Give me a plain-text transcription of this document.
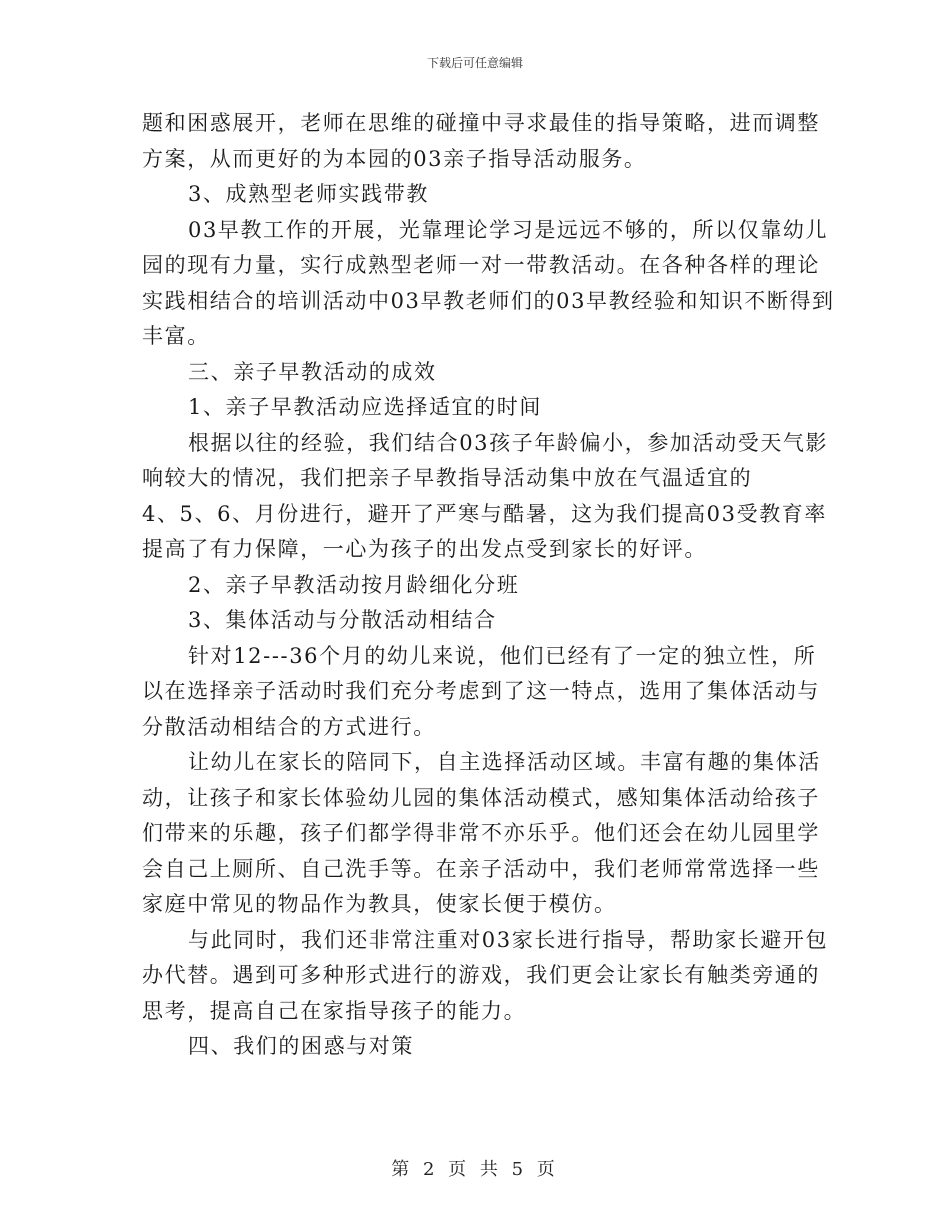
下载后可任意编辑
题和困惑展开，老师在思维的碰撞中寻求最佳的指导策略，进而调整
方案，从而更好的为本园的03亲子指导活动服务。
3、成熟型老师实践带教
03早教工作的开展，光靠理论学习是远远不够的，所以仅靠幼儿
园的现有力量，实行成熟型老师一对一带教活动。在各种各样的理论
实践相结合的培训活动中03早教老师们的03早教经验和知识不断得到
丰富。
三、亲子早教活动的成效
1、亲子早教活动应选择适宜的时间
根据以往的经验，我们结合03孩子年龄偏小，参加活动受天气影
响较大的情况，我们把亲子早教指导活动集中放在气温适宜的
4、5、6、月份进行，避开了严寒与酷暑，这为我们提高03受教育率
提高了有力保障，一心为孩子的出发点受到家长的好评。
2、亲子早教活动按月龄细化分班
3、集体活动与分散活动相结合
针对12---36个月的幼儿来说，他们已经有了一定的独立性，所
以在选择亲子活动时我们充分考虑到了这一特点，选用了集体活动与
分散活动相结合的方式进行。
让幼儿在家长的陪同下，自主选择活动区域。丰富有趣的集体活
动，让孩子和家长体验幼儿园的集体活动模式，感知集体活动给孩子
们带来的乐趣，孩子们都学得非常不亦乐乎。他们还会在幼儿园里学
会自己上厕所、自己洗手等。在亲子活动中，我们老师常常选择一些
家庭中常见的物品作为教具，使家长便于模仿。
与此同时，我们还非常注重对03家长进行指导，帮助家长避开包
办代替。遇到可多种形式进行的游戏，我们更会让家长有触类旁通的
思考，提高自己在家指导孩子的能力。
四、我们的困惑与对策
第 2 页 共 5 页
